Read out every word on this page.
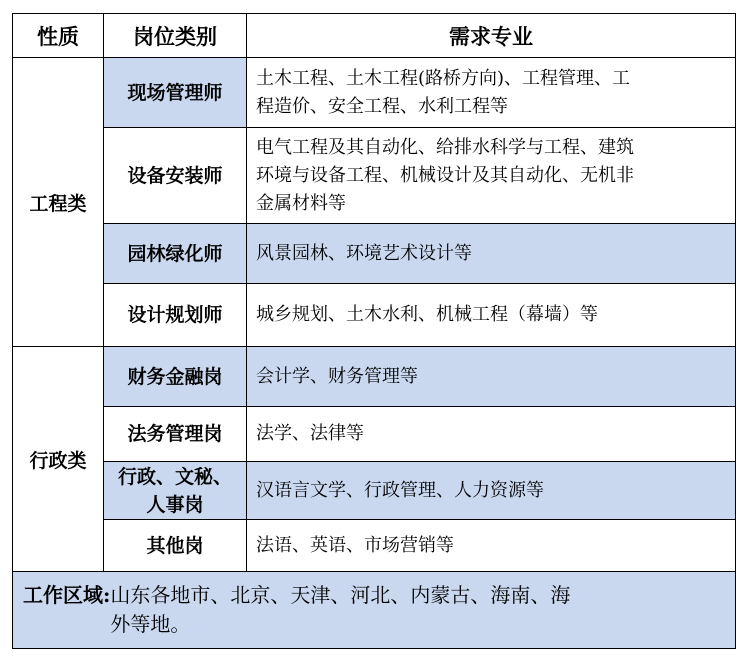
性质	岗位类别	需求专业
工程类	现场管理师	土木工程、土木工程(路桥方向)、工程管理、工
程造价、安全工程、水利工程等

	设备安装师	电气工程及其自动化、给排水科学与工程、建筑
环境与设备工程、机械设计及其自动化、无机非
金属材料等

	园林绿化师	风景园林、环境艺术设计等

	设计规划师	城乡规划、土木水利、机械工程（幕墙）等

行政类	财务金融岗	会计学、财务管理等

	法务管理岗	法学、法律等

	行政、文秘、
人事岗	汉语言文学、行政管理、人力资源等

	其他岗	法语、英语、市场营销等

工作区域: 山东各地市、北京、天津、河北、内蒙古、海南、海
外等地。		
